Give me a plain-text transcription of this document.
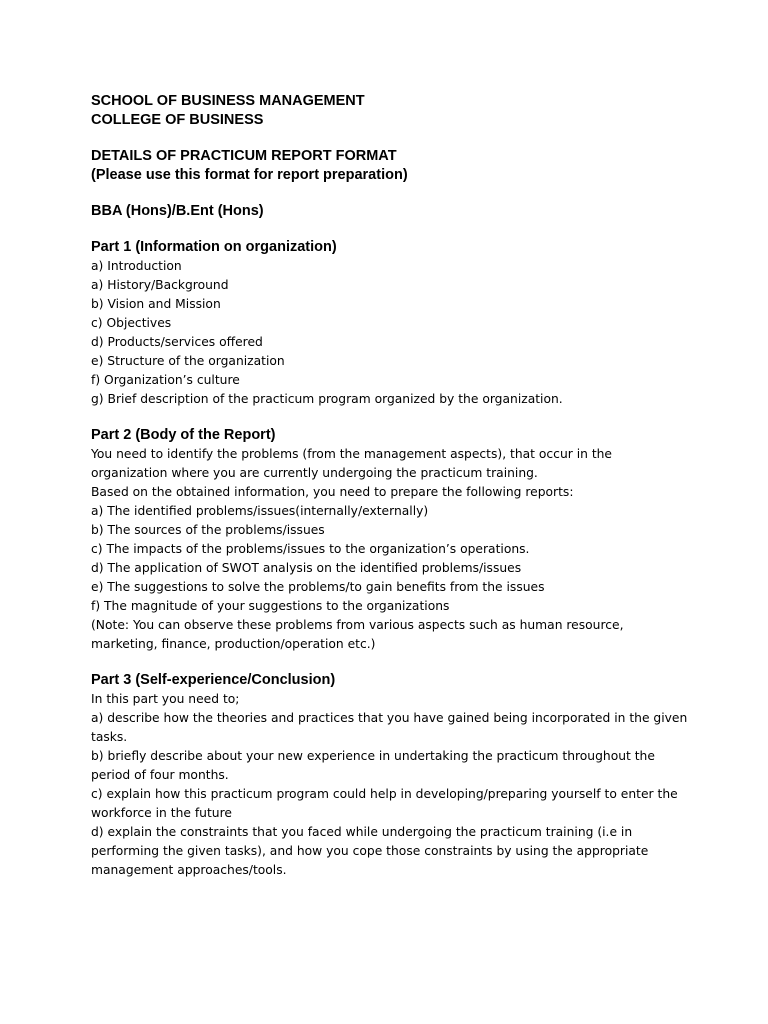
SCHOOL OF BUSINESS MANAGEMENT

COLLEGE OF BUSINESS

DETAILS OF PRACTICUM REPORT FORMAT

(Please use this format for report preparation)

BBA (Hons)/B.Ent (Hons)

Part 1 (Information on organization)

a) Introduction

a) History/Background

b) Vision and Mission

c) Objectives

d) Products/services offered

e) Structure of the organization

f) Organization’s culture

g) Brief description of the practicum program organized by the organization.

Part 2 (Body of the Report)

You need to identify the problems (from the management aspects), that occur in the

organization where you are currently undergoing the practicum training.

Based on the obtained information, you need to prepare the following reports:

a) The identified problems/issues(internally/externally)

b) The sources of the problems/issues

c) The impacts of the problems/issues to the organization’s operations.

d) The application of SWOT analysis on the identified problems/issues

e) The suggestions to solve the problems/to gain benefits from the issues

f) The magnitude of your suggestions to the organizations

(Note: You can observe these problems from various aspects such as human resource,

marketing, finance, production/operation etc.)

Part 3 (Self-experience/Conclusion)

In this part you need to;

a) describe how the theories and practices that you have gained being incorporated in the given

tasks.

b) briefly describe about your new experience in undertaking the practicum throughout the

period of four months.

c) explain how this practicum program could help in developing/preparing yourself to enter the

workforce in the future

d) explain the constraints that you faced while undergoing the practicum training (i.e in

performing the given tasks), and how you cope those constraints by using the appropriate

management approaches/tools.
